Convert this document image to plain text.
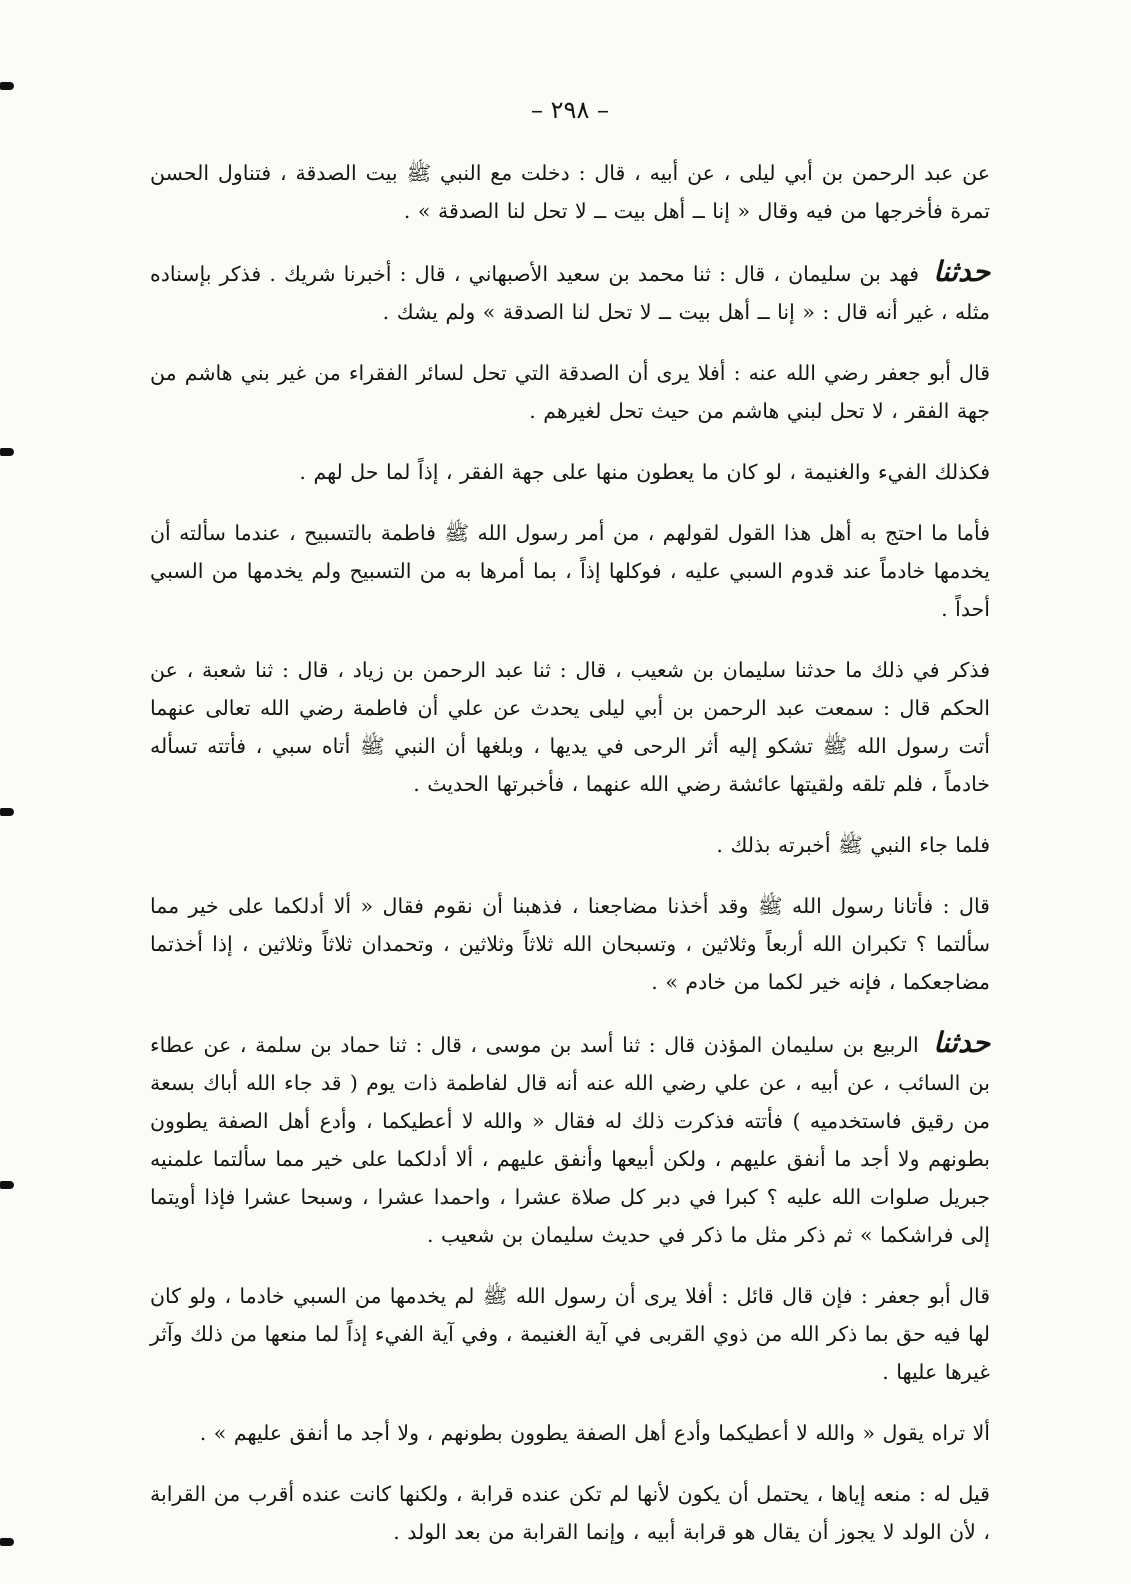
– ٢٩٨ –

عن عبد الرحمن بن أبي ليلى ، عن أبيه ، قال : دخلت مع النبي ﷺ بيت الصدقة ، فتناول الحسن تمرة فأخرجها من فيه وقال « إنا ــ أهل بيت ــ لا تحل لنا الصدقة » .

حدثنا فهد بن سليمان ، قال : ثنا محمد بن سعيد الأصبهاني ، قال : أخبرنا شريك . فذكر بإسناده مثله ، غير أنه قال : « إنا ــ أهل بيت ــ لا تحل لنا الصدقة » ولم يشك .

قال أبو جعفر رضي الله عنه : أفلا يرى أن الصدقة التي تحل لسائر الفقراء من غير بني هاشم من جهة الفقر ، لا تحل لبني هاشم من حيث تحل لغيرهم .

فكذلك الفيء والغنيمة ، لو كان ما يعطون منها على جهة الفقر ، إذاً لما حل لهم .

فأما ما احتج به أهل هذا القول لقولهم ، من أمر رسول الله ﷺ فاطمة بالتسبيح ، عندما سألته أن يخدمها خادماً عند قدوم السبي عليه ، فوكلها إذاً ، بما أمرها به من التسبيح ولم يخدمها من السبي أحداً .

فذكر في ذلك ما حدثنا سليمان بن شعيب ، قال : ثنا عبد الرحمن بن زياد ، قال : ثنا شعبة ، عن الحكم قال : سمعت عبد الرحمن بن أبي ليلى يحدث عن علي أن فاطمة رضي الله تعالى عنهما أتت رسول الله ﷺ تشكو إليه أثر الرحى في يديها ، وبلغها أن النبي ﷺ أتاه سبي ، فأتته تسأله خادماً ، فلم تلقه ولقيتها عائشة رضي الله عنهما ، فأخبرتها الحديث .

فلما جاء النبي ﷺ أخبرته بذلك .

قال : فأتانا رسول الله ﷺ وقد أخذنا مضاجعنا ، فذهبنا أن نقوم فقال « ألا أدلكما على خير مما سألتما ؟ تكبران الله أربعاً وثلاثين ، وتسبحان الله ثلاثاً وثلاثين ، وتحمدان ثلاثاً وثلاثين ، إذا أخذتما مضاجعكما ، فإنه خير لكما من خادم » .

حدثنا الربيع بن سليمان المؤذن قال : ثنا أسد بن موسى ، قال : ثنا حماد بن سلمة ، عن عطاء بن السائب ، عن أبيه ، عن علي رضي الله عنه أنه قال لفاطمة ذات يوم ( قد جاء الله أباك بسعة من رقيق فاستخدميه ) فأتته فذكرت ذلك له فقال « والله لا أعطيكما ، وأدع أهل الصفة يطوون بطونهم ولا أجد ما أنفق عليهم ، ولكن أبيعها وأنفق عليهم ، ألا أدلكما على خير مما سألتما علمنيه جبريل صلوات الله عليه ؟ كبرا في دبر كل صلاة عشرا ، واحمدا عشرا ، وسبحا عشرا فإذا أويتما إلى فراشكما » ثم ذكر مثل ما ذكر في حديث سليمان بن شعيب .

قال أبو جعفر : فإن قال قائل : أفلا يرى أن رسول الله ﷺ لم يخدمها من السبي خادما ، ولو كان لها فيه حق بما ذكر الله من ذوي القربى في آية الغنيمة ، وفي آية الفيء إذاً لما منعها من ذلك وآثر غيرها عليها .

ألا تراه يقول « والله لا أعطيكما وأدع أهل الصفة يطوون بطونهم ، ولا أجد ما أنفق عليهم » .

قيل له : منعه إياها ، يحتمل أن يكون لأنها لم تكن عنده قرابة ، ولكنها كانت عنده أقرب من القرابة ، لأن الولد لا يجوز أن يقال هو قرابة أبيه ، وإنما القرابة من بعد الولد .
